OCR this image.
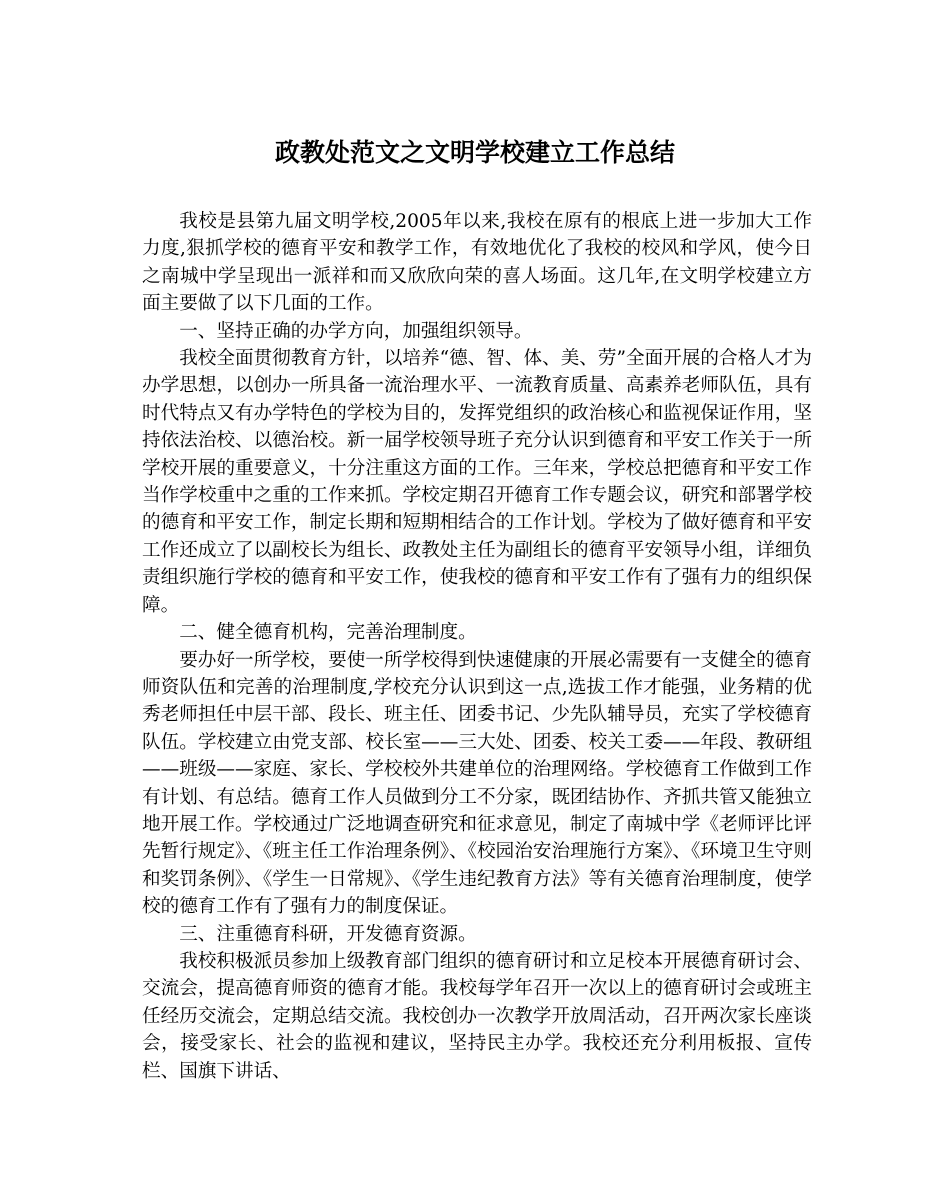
政教处范文之文明学校建立工作总结

我校是县第九届文明学校,2005年以来,我校在原有的根底上进一步加大工作力度,狠抓学校的德育平安和教学工作，有效地优化了我校的校风和学风，使今日之南城中学呈现出一派祥和而又欣欣向荣的喜人场面。这几年,在文明学校建立方面主要做了以下几面的工作。

一、坚持正确的办学方向，加强组织领导。

我校全面贯彻教育方针，以培养“德、智、体、美、劳”全面开展的合格人才为办学思想，以创办一所具备一流治理水平、一流教育质量、高素养老师队伍，具有时代特点又有办学特色的学校为目的，发挥党组织的政治核心和监视保证作用，坚持依法治校、以德治校。新一届学校领导班子充分认识到德育和平安工作关于一所学校开展的重要意义，十分注重这方面的工作。三年来，学校总把德育和平安工作当作学校重中之重的工作来抓。学校定期召开德育工作专题会议，研究和部署学校的德育和平安工作，制定长期和短期相结合的工作计划。学校为了做好德育和平安工作还成立了以副校长为组长、政教处主任为副组长的德育平安领导小组，详细负责组织施行学校的德育和平安工作，使我校的德育和平安工作有了强有力的组织保障。

二、健全德育机构，完善治理制度。

要办好一所学校，要使一所学校得到快速健康的开展必需要有一支健全的德育师资队伍和完善的治理制度,学校充分认识到这一点,选拔工作才能强，业务精的优秀老师担任中层干部、段长、班主任、团委书记、少先队辅导员，充实了学校德育队伍。学校建立由党支部、校长室——三大处、团委、校关工委——年段、教研组——班级——家庭、家长、学校校外共建单位的治理网络。学校德育工作做到工作有计划、有总结。德育工作人员做到分工不分家，既团结协作、齐抓共管又能独立地开展工作。学校通过广泛地调查研究和征求意见，制定了南城中学《老师评比评先暂行规定》、《班主任工作治理条例》、《校园治安治理施行方案》、《环境卫生守则和奖罚条例》、《学生一日常规》、《学生违纪教育方法》等有关德育治理制度，使学校的德育工作有了强有力的制度保证。

三、注重德育科研，开发德育资源。

我校积极派员参加上级教育部门组织的德育研讨和立足校本开展德育研讨会、交流会，提高德育师资的德育才能。我校每学年召开一次以上的德育研讨会或班主任经历交流会，定期总结交流。我校创办一次教学开放周活动，召开两次家长座谈会，接受家长、社会的监视和建议，坚持民主办学。我校还充分利用板报、宣传栏、国旗下讲话、
